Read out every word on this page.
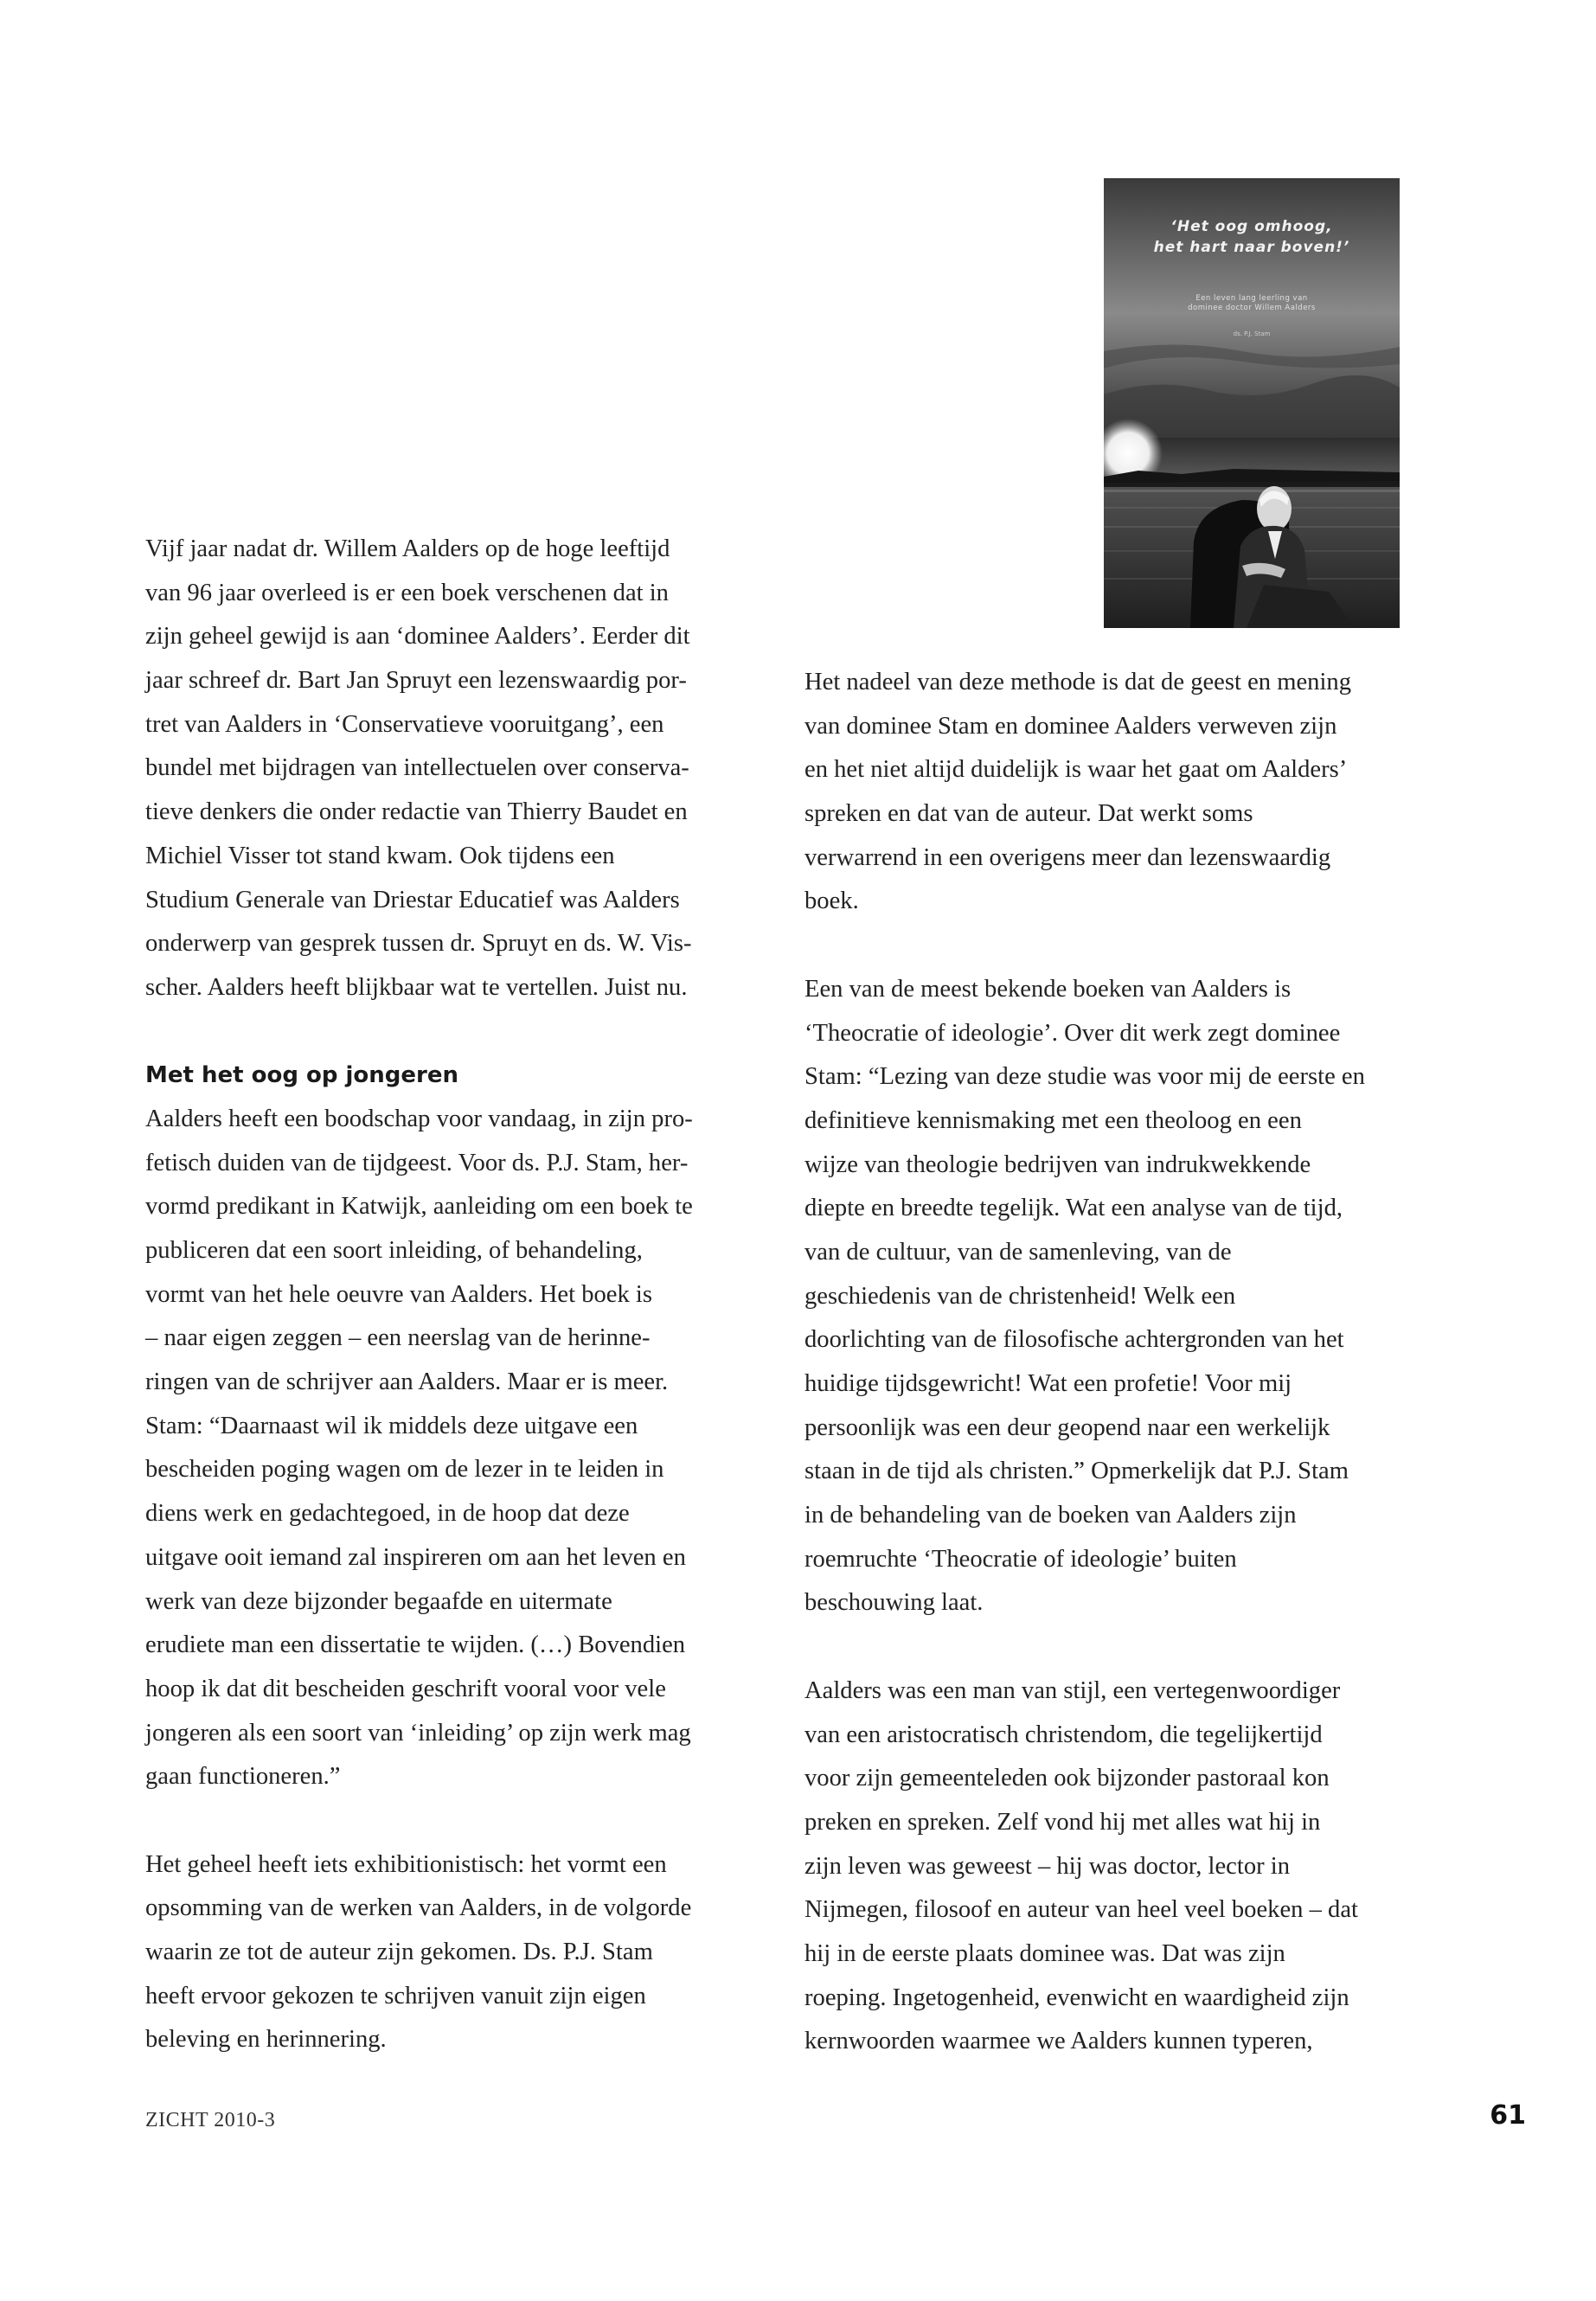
‘Het oog omhoog,
het hart naar boven!’
Een leven lang leerling van
dominee doctor Willem Aalders
ds. P.J. Stam
Vijf jaar nadat dr. Willem Aalders op de hoge leeftijd
van 96 jaar overleed is er een boek verschenen dat in
zijn geheel gewijd is aan ‘dominee Aalders’. Eerder dit
jaar schreef dr. Bart Jan Spruyt een lezenswaardig por-
tret van Aalders in ‘Conservatieve vooruitgang’, een
bundel met bijdragen van intellectuelen over conserva-
tieve denkers die onder redactie van Thierry Baudet en
Michiel Visser tot stand kwam. Ook tijdens een
Studium Generale van Driestar Educatief was Aalders
onderwerp van gesprek tussen dr. Spruyt en ds. W. Vis-
scher. Aalders heeft blijkbaar wat te vertellen. Juist nu.
Met het oog op jongeren
Aalders heeft een boodschap voor vandaag, in zijn pro-
fetisch duiden van de tijdgeest. Voor ds. P.J. Stam, her-
vormd predikant in Katwijk, aanleiding om een boek te
publiceren dat een soort inleiding, of behandeling,
vormt van het hele oeuvre van Aalders. Het boek is
– naar eigen zeggen – een neerslag van de herinne-
ringen van de schrijver aan Aalders. Maar er is meer.
Stam: “Daarnaast wil ik middels deze uitgave een
bescheiden poging wagen om de lezer in te leiden in
diens werk en gedachtegoed, in de hoop dat deze
uitgave ooit iemand zal inspireren om aan het leven en
werk van deze bijzonder begaafde en uitermate
erudiete man een dissertatie te wijden. (…) Bovendien
hoop ik dat dit bescheiden geschrift vooral voor vele
jongeren als een soort van ‘inleiding’ op zijn werk mag
gaan functioneren.”
Het geheel heeft iets exhibitionistisch: het vormt een
opsomming van de werken van Aalders, in de volgorde
waarin ze tot de auteur zijn gekomen. Ds. P.J. Stam
heeft ervoor gekozen te schrijven vanuit zijn eigen
beleving en herinnering.
Het nadeel van deze methode is dat de geest en mening
van dominee Stam en dominee Aalders verweven zijn
en het niet altijd duidelijk is waar het gaat om Aalders’
spreken en dat van de auteur. Dat werkt soms
verwarrend in een overigens meer dan lezenswaardig
boek.
Een van de meest bekende boeken van Aalders is
‘Theocratie of ideologie’. Over dit werk zegt dominee
Stam: “Lezing van deze studie was voor mij de eerste en
definitieve kennismaking met een theoloog en een
wijze van theologie bedrijven van indrukwekkende
diepte en breedte tegelijk. Wat een analyse van de tijd,
van de cultuur, van de samenleving, van de
geschiedenis van de christenheid! Welk een
doorlichting van de filosofische achtergronden van het
huidige tijdsgewricht! Wat een profetie! Voor mij
persoonlijk was een deur geopend naar een werkelijk
staan in de tijd als christen.” Opmerkelijk dat P.J. Stam
in de behandeling van de boeken van Aalders zijn
roemruchte ‘Theocratie of ideologie’ buiten
beschouwing laat.
Aalders was een man van stijl, een vertegenwoordiger
van een aristocratisch christendom, die tegelijkertijd
voor zijn gemeenteleden ook bijzonder pastoraal kon
preken en spreken. Zelf vond hij met alles wat hij in
zijn leven was geweest – hij was doctor, lector in
Nijmegen, filosoof en auteur van heel veel boeken – dat
hij in de eerste plaats dominee was. Dat was zijn
roeping. Ingetogenheid, evenwicht en waardigheid zijn
kernwoorden waarmee we Aalders kunnen typeren,
ZICHT 2010-3	61
